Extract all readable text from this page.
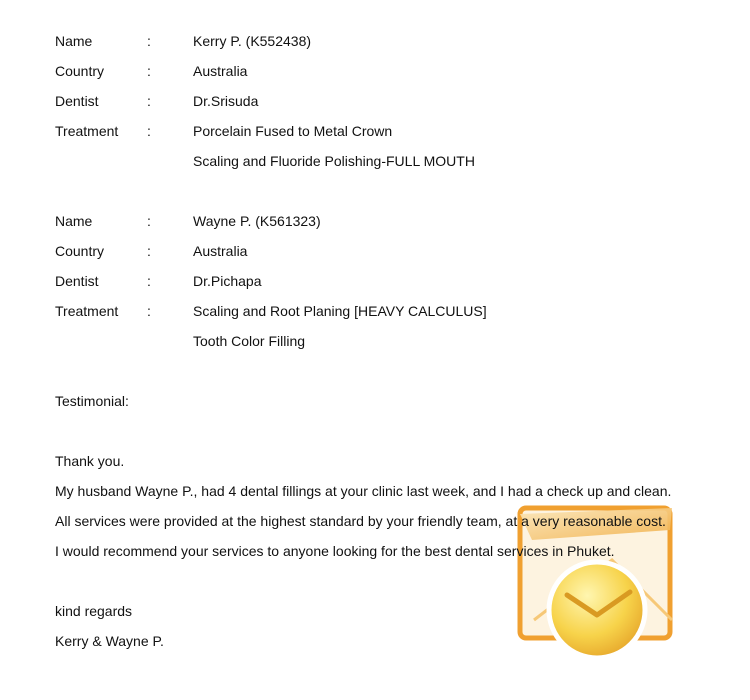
Name	:	Kerry P. (K552438)
Country	:	Australia
Dentist	:	Dr.Srisuda
Treatment :	Porcelain Fused to Metal Crown
Scaling and Fluoride Polishing-FULL MOUTH
Name	:	Wayne P. (K561323)
Country	:	Australia
Dentist	:	Dr.Pichapa
Treatment :	Scaling and Root Planing [HEAVY CALCULUS]
Tooth Color Filling
Testimonial:
Thank you.
My husband Wayne P., had 4 dental fillings at your clinic last week, and I had a check up and clean.
All services were provided at the highest standard by your friendly team, at a very reasonable cost.
I would recommend your services to anyone looking for the best dental services in Phuket.
kind regards
Kerry & Wayne P.
